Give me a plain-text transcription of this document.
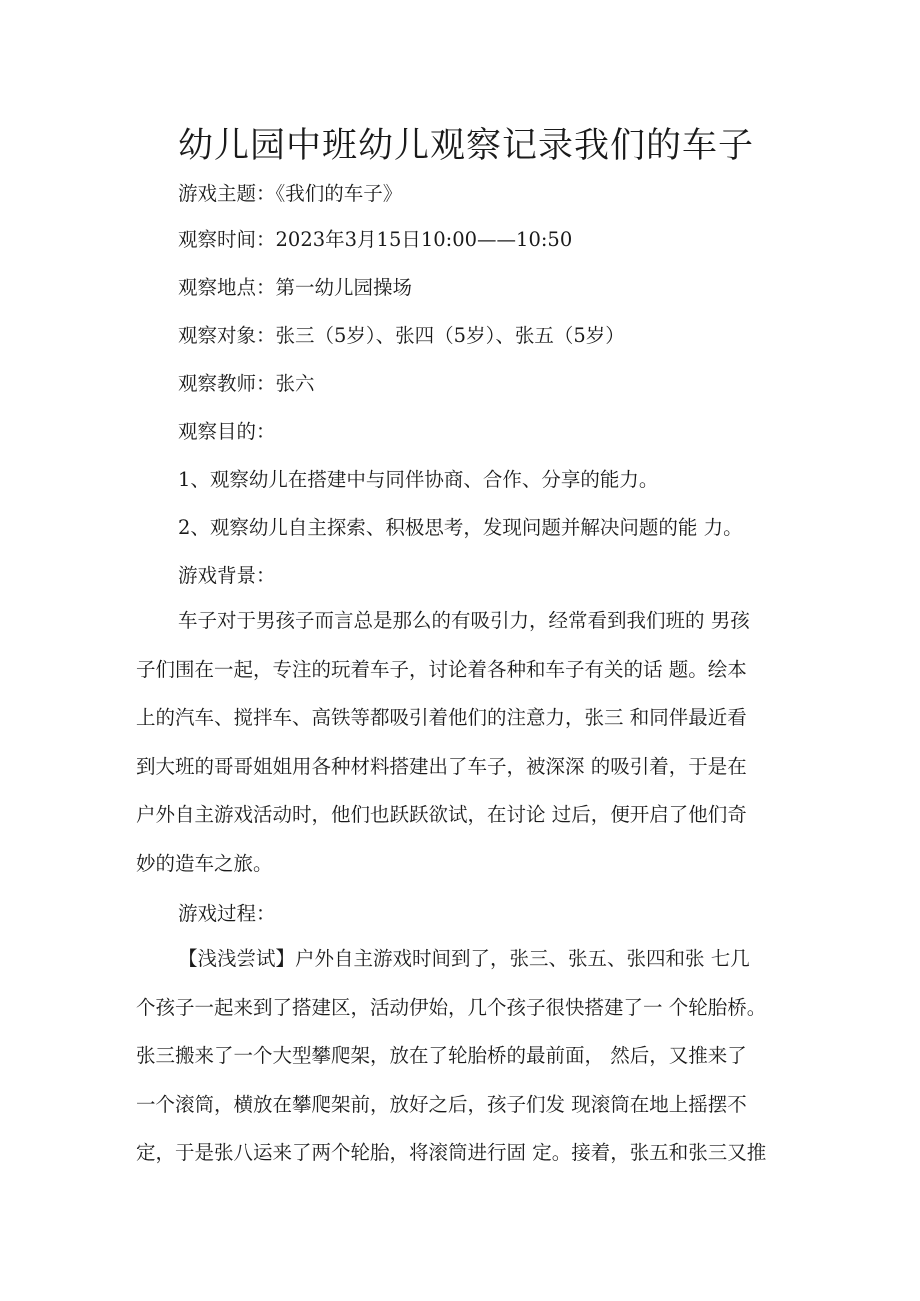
幼儿园中班幼儿观察记录我们的车子
游戏主题：《我们的车子》
观察时间：2023年3月15日10:00——10:50
观察地点：第一幼儿园操场
观察对象：张三（5岁）、张四（5岁）、张五（5岁）
观察教师：张六
观察目的：
1、观察幼儿在搭建中与同伴协商、合作、分享的能力。
2、观察幼儿自主探索、积极思考，发现问题并解决问题的能 力。
游戏背景：
车子对于男孩子而言总是那么的有吸引力，经常看到我们班的 男孩
子们围在一起，专注的玩着车子，讨论着各种和车子有关的话 题。绘本
上的汽车、搅拌车、高铁等都吸引着他们的注意力，张三 和同伴最近看
到大班的哥哥姐姐用各种材料搭建出了车子，被深深 的吸引着，于是在
户外自主游戏活动时，他们也跃跃欲试，在讨论 过后，便开启了他们奇
妙的造车之旅。
游戏过程：
【浅浅尝试】户外自主游戏时间到了，张三、张五、张四和张 七几
个孩子一起来到了搭建区，活动伊始，几个孩子很快搭建了一 个轮胎桥。
张三搬来了一个大型攀爬架，放在了轮胎桥的最前面， 然后，又推来了
一个滚筒，横放在攀爬架前，放好之后，孩子们发 现滚筒在地上摇摆不
定，于是张八运来了两个轮胎，将滚筒进行固 定。接着，张五和张三又推
